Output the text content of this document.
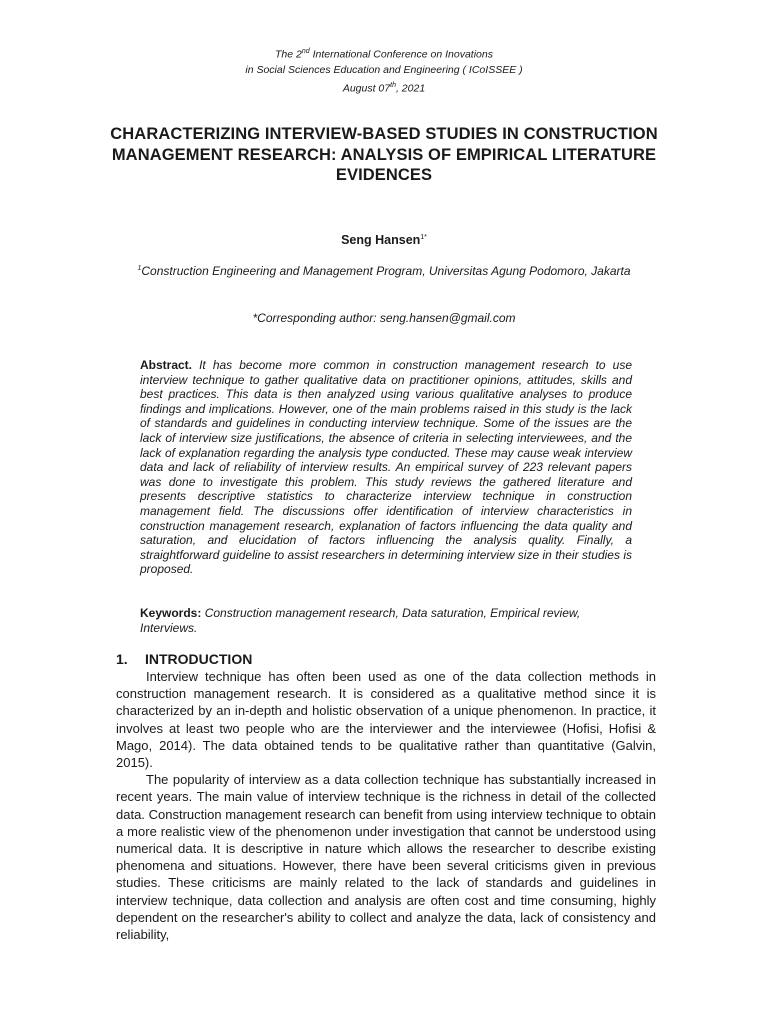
The 2nd International Conference on Inovations
in Social Sciences Education and Engineering ( ICoISSEE )
August 07th, 2021
CHARACTERIZING INTERVIEW-BASED STUDIES IN CONSTRUCTION MANAGEMENT RESEARCH: ANALYSIS OF EMPIRICAL LITERATURE EVIDENCES
Seng Hansen$^{1*}$
$^1$Construction Engineering and Management Program, Universitas Agung Podomoro, Jakarta
*Corresponding author: seng.hansen@gmail.com
Abstract. It has become more common in construction management research to use interview technique to gather qualitative data on practitioner opinions, attitudes, skills and best practices. This data is then analyzed using various qualitative analyses to produce findings and implications. However, one of the main problems raised in this study is the lack of standards and guidelines in conducting interview technique. Some of the issues are the lack of interview size justifications, the absence of criteria in selecting interviewees, and the lack of explanation regarding the analysis type conducted. These may cause weak interview data and lack of reliability of interview results. An empirical survey of 223 relevant papers was done to investigate this problem. This study reviews the gathered literature and presents descriptive statistics to characterize interview technique in construction management field. The discussions offer identification of interview characteristics in construction management research, explanation of factors influencing the data quality and saturation, and elucidation of factors influencing the analysis quality. Finally, a straightforward guideline to assist researchers in determining interview size in their studies is proposed.
Keywords: Construction management research, Data saturation, Empirical review, Interviews.
1. INTRODUCTION

Interview technique has often been used as one of the data collection methods in construction management research. It is considered as a qualitative method since it is characterized by an in-depth and holistic observation of a unique phenomenon. In practice, it involves at least two people who are the interviewer and the interviewee (Hofisi, Hofisi & Mago, 2014). The data obtained tends to be qualitative rather than quantitative (Galvin, 2015).

The popularity of interview as a data collection technique has substantially increased in recent years. The main value of interview technique is the richness in detail of the collected data. Construction management research can benefit from using interview technique to obtain a more realistic view of the phenomenon under investigation that cannot be understood using numerical data. It is descriptive in nature which allows the researcher to describe existing phenomena and situations. However, there have been several criticisms given in previous studies. These criticisms are mainly related to the lack of standards and guidelines in interview technique, data collection and analysis are often cost and time consuming, highly dependent on the researcher's ability to collect and analyze the data, lack of consistency and reliability,
